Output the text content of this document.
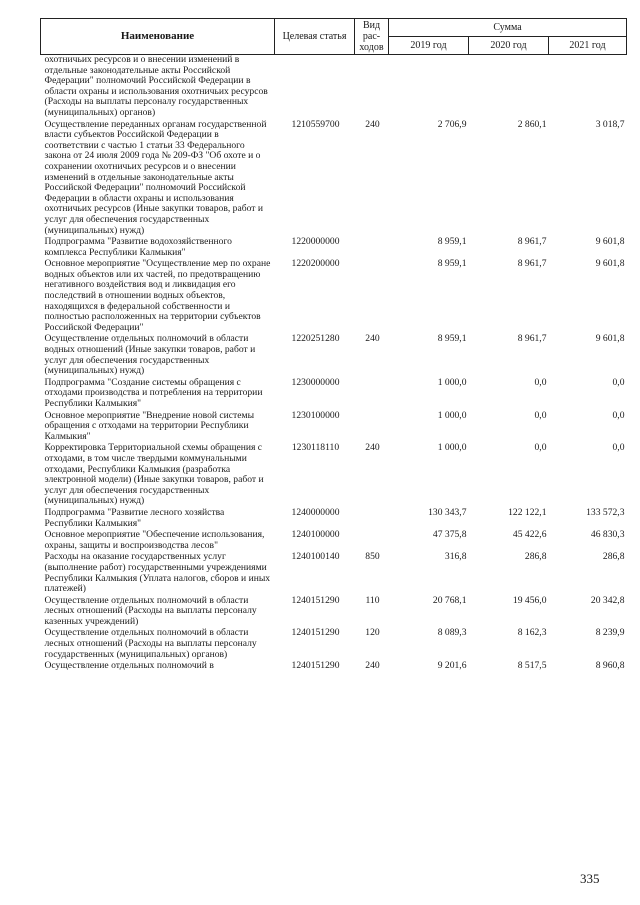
Наименование	Целевая статья	Вид рас-ходов	Сумма		
			2019 год	2020 год	2021 год
охотничьих ресурсов и о внесении изменений в отдельные законодательные акты Российской Федерации" полномочий Российской Федерации в области охраны и использования охотничьих ресурсов (Расходы на выплаты персоналу государственных (муниципальных) органов)					
Осуществление переданных органам государственной власти субъектов Российской Федерации в соответствии с частью 1 статьи 33 Федерального закона от 24 июля 2009 года № 209-ФЗ "Об охоте и о сохранении охотничьих ресурсов и о внесении изменений в отдельные законодательные акты Российской Федерации" полномочий Российской Федерации в области охраны и использования охотничьих ресурсов (Иные закупки товаров, работ и услуг для обеспечения государственных (муниципальных) нужд)	1210559700	240	2 706,9	2 860,1	3 018,7
Подпрограмма "Развитие водохозяйственного комплекса Республики Калмыкия"	1220000000		8 959,1	8 961,7	9 601,8
Основное мероприятие "Осуществление мер по охране водных объектов или их частей, по предотвращению негативного воздействия вод и ликвидация его последствий в отношении водных объектов, находящихся в федеральной собственности и полностью расположенных на территории субъектов Российской Федерации"	1220200000		8 959,1	8 961,7	9 601,8
Осуществление отдельных полномочий в области водных отношений (Иные закупки товаров, работ и услуг для обеспечения государственных (муниципальных) нужд)	1220251280	240	8 959,1	8 961,7	9 601,8
Подпрограмма "Создание системы обращения с отходами производства и потребления на территории Республики Калмыкия"	1230000000		1 000,0	0,0	0,0
Основное мероприятие "Внедрение новой системы обращения с отходами на территории Республики Калмыкия"	1230100000		1 000,0	0,0	0,0
Корректировка Территориальной схемы обращения с отходами, в том числе твердыми коммунальными отходами, Республики Калмыкия (разработка электронной модели) (Иные закупки товаров, работ и услуг для обеспечения государственных (муниципальных) нужд)	1230118110	240	1 000,0	0,0	0,0
Подпрограмма "Развитие лесного хозяйства Республики Калмыкия"	1240000000		130 343,7	122 122,1	133 572,3
Основное мероприятие "Обеспечение использования, охраны, защиты и воспроизводства лесов"	1240100000		47 375,8	45 422,6	46 830,3
Расходы на оказание государственных услуг (выполнение работ) государственными учреждениями Республики Калмыкия (Уплата налогов, сборов и иных платежей)	1240100140	850	316,8	286,8	286,8
Осуществление отдельных полномочий в области лесных отношений (Расходы на выплаты персоналу казенных учреждений)	1240151290	110	20 768,1	19 456,0	20 342,8
Осуществление отдельных полномочий в области лесных отношений (Расходы на выплаты персоналу государственных (муниципальных) органов)	1240151290	120	8 089,3	8 162,3	8 239,9
Осуществление отдельных полномочий в	1240151290	240	9 201,6	8 517,5	8 960,8
335
